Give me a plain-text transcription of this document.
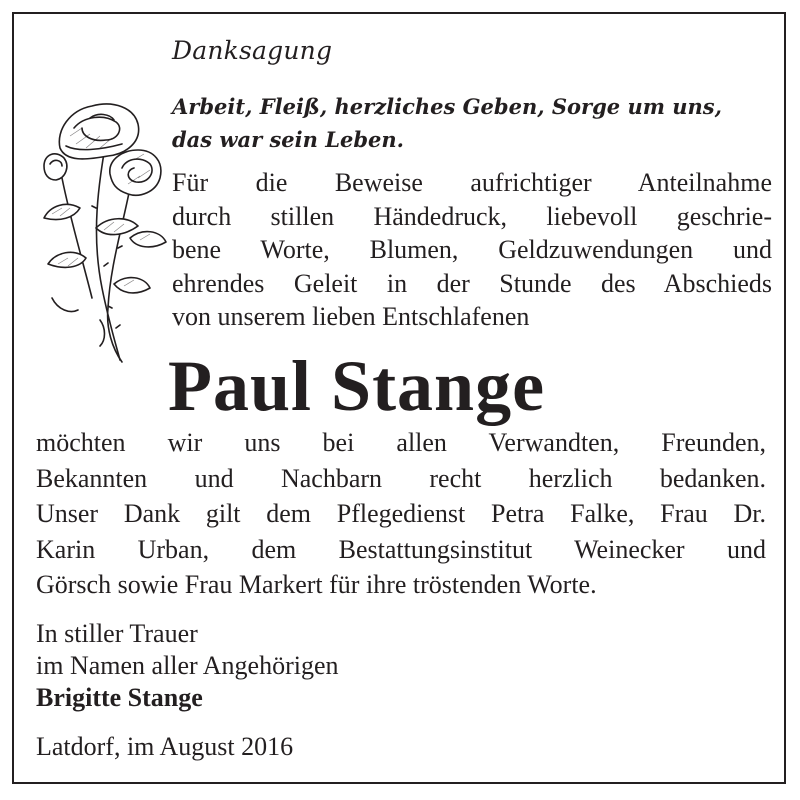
Danksagung
Arbeit, Fleiß, herzliches Geben, Sorge um uns,
das war sein Leben.
Für die Beweise aufrichtiger Anteilnahme
durch stillen Händedruck, liebevoll geschrie-
bene Worte, Blumen, Geldzuwendungen und
ehrendes Geleit in der Stunde des Abschieds
von unserem lieben Entschlafenen
Paul Stange
möchten wir uns bei allen Verwandten, Freunden,
Bekannten und Nachbarn recht herzlich bedanken.
Unser Dank gilt dem Pflegedienst Petra Falke, Frau Dr.
Karin Urban, dem Bestattungsinstitut Weinecker und
Görsch sowie Frau Markert für ihre tröstenden Worte.
In stiller Trauer
im Namen aller Angehörigen
Brigitte Stange
Latdorf, im August 2016
